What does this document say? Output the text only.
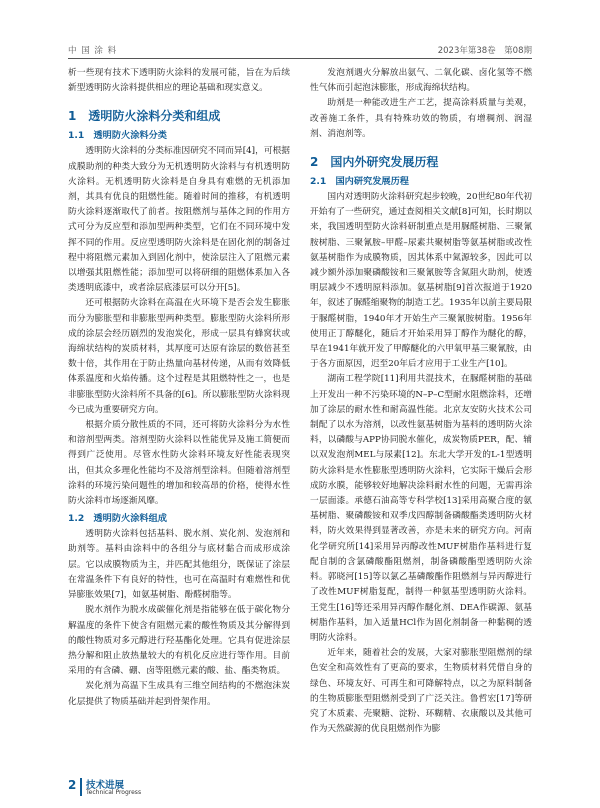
中 国 涂 料	2023年第38卷　第08期

析一些现有技术下透明防火涂料的发展可能，旨在为后续新型透明防火涂料提供相应的理论基础和现实意义。

1　透明防火涂料分类和组成
1.1　透明防火涂料分类

透明防火涂料的分类标准因研究不同而异[4]，可根据成膜助剂的种类大致分为无机透明防火涂料与有机透明防火涂料。无机透明防火涂料是自身具有难燃的无机添加剂，其具有优良的阻燃性能。随着时间的推移，有机透明防火涂料逐渐取代了前者。按阻燃剂与基体之间的作用方式可分为反应型和添加型两种类型，它们在不同环境中发挥不同的作用。反应型透明防火涂料是在固化剂的制备过程中将阻燃元素加入到固化剂中，使涂层注入了阻燃元素以增强其阻燃性能；添加型可以将研细的阻燃体系加入各类透明底漆中，或者涂层底漆层可以分开[5]。

还可根据防火涂料在高温在火环境下是否会发生膨胀而分为膨胀型和非膨胀型两种类型。膨胀型防火涂料所形成的涂层会经历剧烈的发泡炭化，形成一层具有蜂窝状或海绵状结构的炭质材料，其厚度可达原有涂层的数倍甚至数十倍，其作用在于防止热量向基材传递，从而有效降低体系温度和火焰传播。这个过程是其阻燃特性之一，也是非膨胀型防火涂料所不具备的[6]。所以膨胀型防火涂料现今已成为重要研究方向。

根据介质分散性质的不同，还可将防火涂料分为水性和溶剂型两类。溶剂型防火涂料以性能优异及施工简便而得到广泛使用。尽管水性防火涂料环境友好性能表现突出，但其众多理化性能均不及溶剂型涂料。但随着溶剂型涂料的环境污染问题性的增加和较高昂的价格，使得水性防火涂料市场逐渐风靡。

1.2　透明防火涂料组成

透明防火涂料包括基料、脱水剂、炭化剂、发泡剂和助剂等。基料由涂料中的各组分与底材黏合而成形成涂层。它以成膜物质为主，并匹配其他组分，既保证了涂层在常温条件下有良好的特性，也可在高温时有难燃性和优异膨胀效果[7]，如氨基树脂、酚醛树脂等。

脱水剂作为脱水成碳催化剂是指能够在低于碳化物分解温度的条件下使含有阻燃元素的酸性物质及其分解得到的酸性物质对多元醇进行羟基酯化处理。它具有促进涂层热分解和阻止放热量较大的有机化反应进行等作用。目前采用的有含磷、硼、卤等阻燃元素的酸、盐、酯类物质。

炭化剂为高温下生成具有三维空间结构的不燃泡沫炭化层提供了物质基础并起到骨架作用。

发泡剂遇火分解放出氨气、二氧化碳、卤化氢等不燃性气体而引起泡沫膨胀，形成海绵状结构。

助剂是一种能改进生产工艺，提高涂料质量与美观，改善施工条件，具有特殊功效的物质，有增稠剂、润湿剂、消泡剂等。

2　国内外研究发展历程
2.1　国内研究发展历程

国内对透明防火涂料研究起步较晚，20世纪80年代初开始有了一些研究，通过查阅相关文献[8]可知，长时期以来，我国透明型防火涂料研制重点是用脲醛树脂、三聚氰胺树脂、三聚氰胺–甲醛–尿素共聚树脂等氨基树脂或改性氨基树脂作为成膜物质，因其体系中氮源较多，因此可以减少额外添加聚磷酸铵和三聚氰胺等含氮阻火助剂，使透明层减少不透明原料添加。氨基树脂[9]首次报道于1920年，叙述了脲醛缩聚物的制造工艺。1935年以前主要局限于脲醛树脂，1940年才开始生产三聚氰胺树脂。1956年使用正丁醇醚化，随后才开始采用异丁醇作为醚化的醇，早在1941年就开发了甲醇醚化的六甲氧甲基三聚氰胺，由于各方面原因，迟至20年后才应用于工业生产[10]。

湖南工程学院[11]利用共混技术，在脲醛树脂的基础上开发出一种不污染环境的N–P–C型耐水阻燃涂料，还增加了涂层的耐水性和耐高温性能。北京友安防火技术公司制配了以水为溶剂，以改性氨基树脂为基料的透明防火涂料，以磷酸与APP协同脱水催化，成炭物质PER，配、辅以双发泡剂MEL与尿素[12]。东北大学开发的L-1型透明防火涂料是水性膨胀型透明防火涂料，它实际干燥后会形成防水膜，能够较好地解决涂料耐水性的问题，无需再涂一层面漆。承德石油高等专科学校[13]采用高聚合度的氨基树脂、聚磷酸铵和双季戊四醇制备磷酸酯类透明防火材料，防火效果得到显著改善，亦是未来的研究方向。河南化学研究所[14]采用异丙醇改性MUF树脂作基料进行复配自制的含氯磷酸酯阻燃剂，制备磷酸酯型透明防火涂料。郭晓河[15]等以氯乙基磷酸酯作阻燃剂与异丙醇进行了改性MUF树脂复配，制得一种氨基型透明防火涂料。王党生[16]等还采用异丙醇作醚化剂、DEA作碳源、氨基树脂作基料，加入适量HCl作为固化剂制备一种黏稠的透明防火涂料。

近年来，随着社会的发展，大家对膨胀型阻燃剂的绿色安全和高效性有了更高的要求，生物质材料凭借自身的绿色、环境友好、可再生和可降解特点，以之为原料制备的生物质膨胀型阻燃剂受到了广泛关注。鲁哲宏[17]等研究了木质素、壳聚糖、淀粉、环糊精、衣康酸以及其他可作为天然碳源的优良阻燃剂作为膨

2 技术进展
Technical Progress
